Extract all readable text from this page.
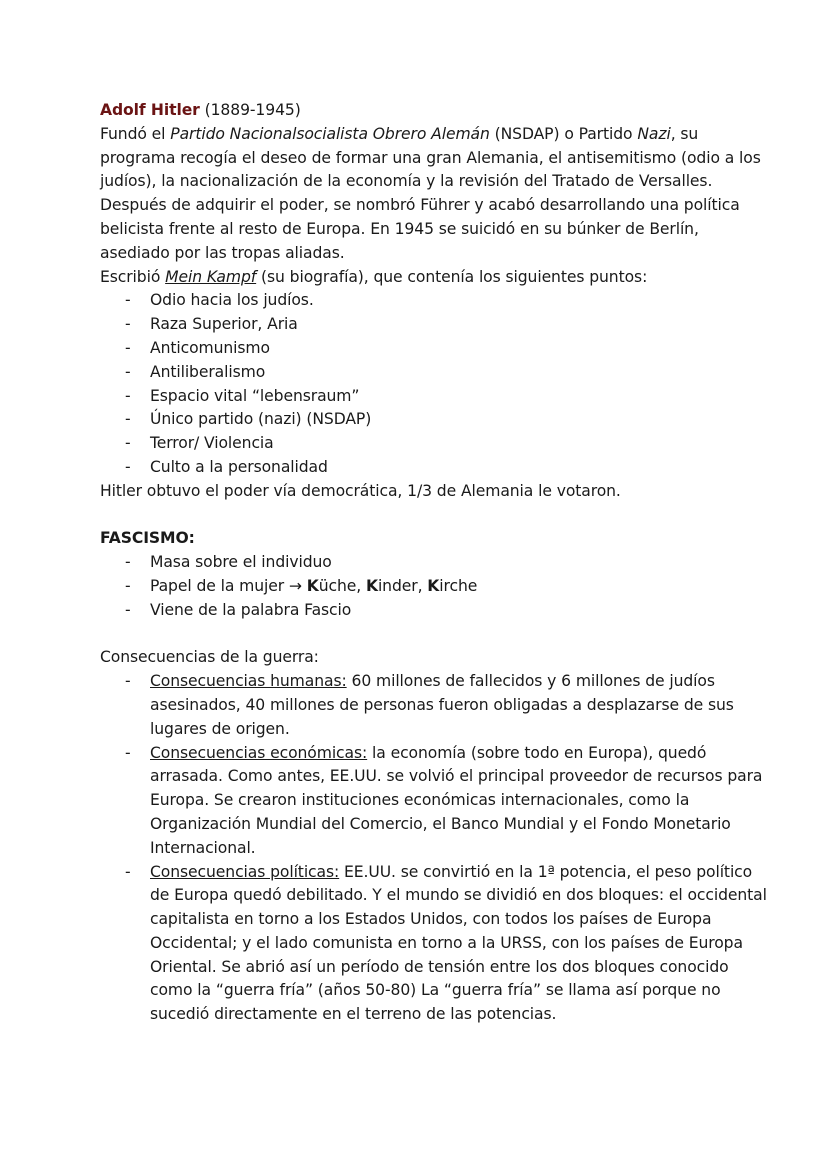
Adolf Hitler (1889-1945)

Fundó el Partido Nacionalsocialista Obrero Alemán (NSDAP) o Partido Nazi, su programa recogía el deseo de formar una gran Alemania, el antisemitismo (odio a los judíos), la nacionalización de la economía y la revisión del Tratado de Versalles. Después de adquirir el poder, se nombró Führer y acabó desarrollando una política belicista frente al resto de Europa. En 1945 se suicidó en su búnker de Berlín, asediado por las tropas aliadas.

Escribió Mein Kampf (su biografía), que contenía los siguientes puntos:

- Odio hacia los judíos.
- Raza Superior, Aria
- Anticomunismo
- Antiliberalismo
- Espacio vital “lebensraum”
- Único partido (nazi) (NSDAP)
- Terror/ Violencia
- Culto a la personalidad

Hitler obtuvo el poder vía democrática, 1/3 de Alemania le votaron.

FASCISMO:

- Masa sobre el individuo
- Papel de la mujer → Küche, Kinder, Kirche
- Viene de la palabra Fascio

Consecuencias de la guerra:

- Consecuencias humanas: 60 millones de fallecidos y 6 millones de judíos asesinados, 40 millones de personas fueron obligadas a desplazarse de sus lugares de origen.
- Consecuencias económicas: la economía (sobre todo en Europa), quedó arrasada. Como antes, EE.UU. se volvió el principal proveedor de recursos para Europa. Se crearon instituciones económicas internacionales, como la Organización Mundial del Comercio, el Banco Mundial y el Fondo Monetario Internacional.
- Consecuencias políticas: EE.UU. se convirtió en la 1ª potencia, el peso político de Europa quedó debilitado. Y el mundo se dividió en dos bloques: el occidental capitalista en torno a los Estados Unidos, con todos los países de Europa Occidental; y el lado comunista en torno a la URSS, con los países de Europa Oriental. Se abrió así un período de tensión entre los dos bloques conocido como la “guerra fría” (años 50-80) La “guerra fría” se llama así porque no sucedió directamente en el terreno de las potencias.
